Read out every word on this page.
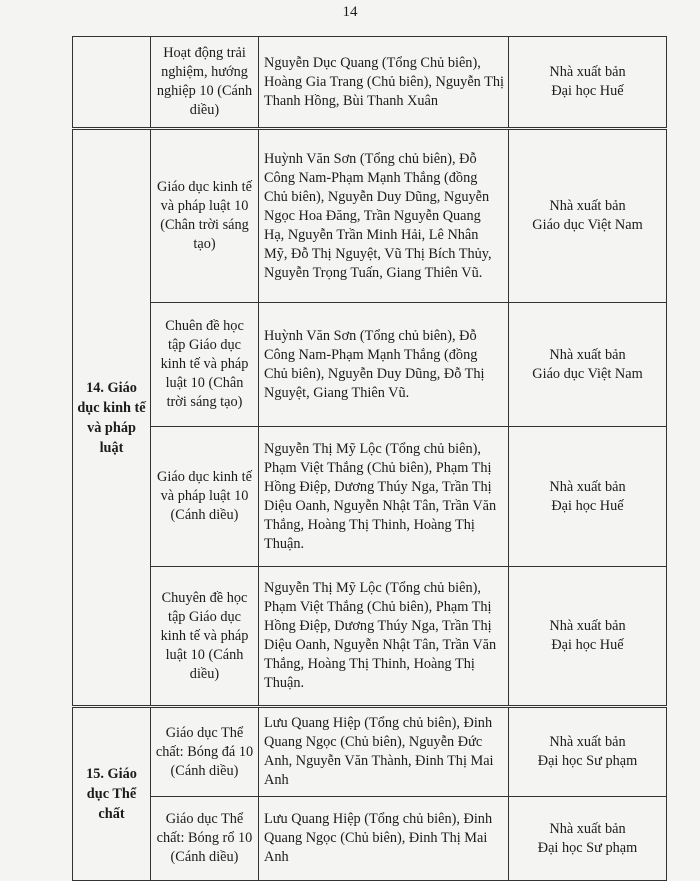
14
	Hoạt động trải nghiệm, hướng nghiệp 10 (Cánh diều)	Nguyễn Dục Quang (Tổng Chủ biên), Hoàng Gia Trang (Chủ biên), Nguyễn Thị Thanh Hồng, Bùi Thanh Xuân	Nhà xuất bản
Đại học Huế

14. Giáo dục kinh tế và pháp luật	Giáo dục kinh tế và pháp luật 10 (Chân trời sáng tạo)	Huỳnh Văn Sơn (Tổng chủ biên), Đỗ Công Nam-Phạm Mạnh Thắng (đồng Chủ biên), Nguyễn Duy Dũng, Nguyễn Ngọc Hoa Đăng, Trần Nguyễn Quang Hạ, Nguyễn Trần Minh Hải, Lê Nhân Mỹ, Đỗ Thị Nguyệt, Vũ Thị Bích Thủy, Nguyễn Trọng Tuấn, Giang Thiên Vũ.	Nhà xuất bản
Giáo dục Việt Nam

	Chuên đề học tập Giáo dục kinh tế và pháp luật 10 (Chân trời sáng tạo)	Huỳnh Văn Sơn (Tổng chủ biên), Đỗ Công Nam-Phạm Mạnh Thắng (đồng Chủ biên), Nguyễn Duy Dũng, Đỗ Thị Nguyệt, Giang Thiên Vũ.	Nhà xuất bản
Giáo dục Việt Nam

	Giáo dục kinh tế và pháp luật 10 (Cánh diều)	Nguyễn Thị Mỹ Lộc (Tổng chủ biên), Phạm Việt Thắng (Chủ biên), Phạm Thị Hồng Điệp, Dương Thúy Nga, Trần Thị Diệu Oanh, Nguyễn Nhật Tân, Trần Văn Thắng, Hoàng Thị Thinh, Hoàng Thị Thuận.	Nhà xuất bản
Đại học Huế

	Chuyên đề học tập Giáo dục kinh tế và pháp luật 10 (Cánh diều)	Nguyễn Thị Mỹ Lộc (Tổng chủ biên), Phạm Việt Thắng (Chủ biên), Phạm Thị Hồng Điệp, Dương Thúy Nga, Trần Thị Diệu Oanh, Nguyễn Nhật Tân, Trần Văn Thắng, Hoàng Thị Thinh, Hoàng Thị Thuận.	Nhà xuất bản
Đại học Huế

15. Giáo dục Thể chất	Giáo dục Thể chất: Bóng đá 10 (Cánh diều)	Lưu Quang Hiệp (Tổng chủ biên), Đinh Quang Ngọc (Chủ biên), Nguyễn Đức Anh, Nguyễn Văn Thành, Đinh Thị Mai Anh	Nhà xuất bản
Đại học Sư phạm

	Giáo dục Thể chất: Bóng rổ 10 (Cánh diều)	Lưu Quang Hiệp (Tổng chủ biên), Đinh Quang Ngọc (Chủ biên), Đinh Thị Mai Anh	Nhà xuất bản
Đại học Sư phạm
